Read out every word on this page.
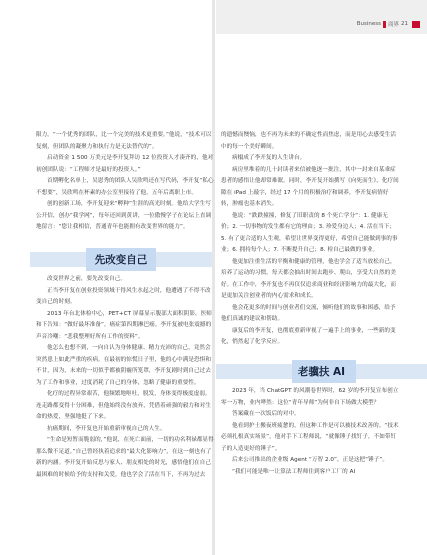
Business 商界 21

限力。“一个优秀的团队，比一个完美的技术更重要。”他说，“技术可以复刻，但团队的凝聚力和执行力是无法替代的”。

启动资金 1 500 万美元是李开复拜访 12 位投资人才凑齐的，他对初创团队说：“工程师才是最好的投资人。”

首期孵化名单上，吴恩秀的团队人吴欣鸣还在写代码，李开复“私心不想要”，吴欣鸣在杯素的办公室里接待了他，五年后离职上市。

创的创新工场，李开复迎来“孵种”生涯的高光时刻。他给大学生写公开信，创办“我学网”，每年还回到黄讲，一位傲慢学子在论坛上直调地留言：“您让我相信，普通青年也能拥有改变世界的能力”。

先改变自己

改变世界之前，要先改变自己。

正当李开复在创业投资领域干得风生水起之时，他遭遇了不得不改变自己的时刻。

2013 年台北体检中心，PET+CT 屏幕显示腹部大面积阴影，医师和下告知：“做好最坏准备”，癌症第四期淋巴癌。李开复被电张震撼的声音冷嘲：“悲我整理好所有工作的资料”。

他怎么也想不到，一向自认为身体健康、精力充沛的自己，竟然会突然患上如此严重的疾病。在最初的惊慌日子里，他的心中满是恐惧和不甘，因为，未来的一切似乎都被阴霾所笼罩，李开复剧时到自己过去为了工作和事业，过度消耗了自己的身体，忽略了健康的重要性。

化疗的过程异常艰苦，他频繁地呕吐，脱发，身体变得极度虚弱。连走路都变得十分困难，但他始终没有放弃，凭借着顽强的毅力和对生命的热爱，坚强地挺了下来。

抗癌期间，李开复也开始重新审视自己的人生。

“生命是短暂而脆弱的，”他说，在死亡面前，一切的功名利禄都显得那么微不足道。”自己曾经执着追求的“最大化影响力”，在这一刻也有了新的内涵。李开复开始反思与家人、朋友相处的时光，感悟他们在自己最困难的时候给予的支持和关爱，他也学会了活在当下，不再为过去

的遗憾而懊恼，也不再为未来的不确定性而焦虑，而是用心去感受生活中的每一个美好瞬间。

病榻成了李开复的人生讲台。

病房里堆着的几十封读者来信被他逐一批注，其中一封来自某乖症患者的感悟让他却常难眠。同时，李开复开始撰写《向死而生》，化疗间隙在 iPad 上敲字，经过 17 个月的积极治疗和调养，李开复病情好转，肿瘤也基本消失。

他说：“跌跌撞撞，修复了旧职责的 8 个死亡学分”：1. 健康无价；2. 一切事物的发生都有它的理由；3. 珍爱身边人；4. 活在当下；5. 有了更合适的人生观，希望让世界变得更好，希望自己能做到事的事业；6. 拥持每个人；7. 不断提升自己；8. 检自己最做的事业。

他更加注重生活的平衡和健康的管理，他也学会了适当放松自己，培养了运动的习惯，每天都会抽出时间去跑步、爬山，享受大自然的美好。在工作中，李开复也不再仅仅追求商业和经济影响力的最大化，而是更加关注创业者的内心需求和成长。

他会花更多的时间与创业者们交流，倾听他们的故事和困惑，给予他们真诚的建议和帮助。

康复后的李开复，也彻底重新审视了一遍手上的事业，一些新的变化，悄然起了化学反应。

老骥扶 AI

2023 年，当 ChatGPT 的风潮卷世界时，62 岁的李开复宣布创立零一万物，业内哗然：这位“青年导师”为何非自下场做大模型？

答案藏在一次饭后的对中。

他看到护士搬夜班疲惫的，但这种工作是可以被技术改善的。“技术必须扎根真实场景”，他对手下工程师说，“就像锤子找钉子，不如带钉子的人造更好的锤子”。

后来公司推出的企业级 Agent “万智 2.0”，正是这把“锤子”。

“我们可能是唯一让算法工程师住到客户工厂的 AI
